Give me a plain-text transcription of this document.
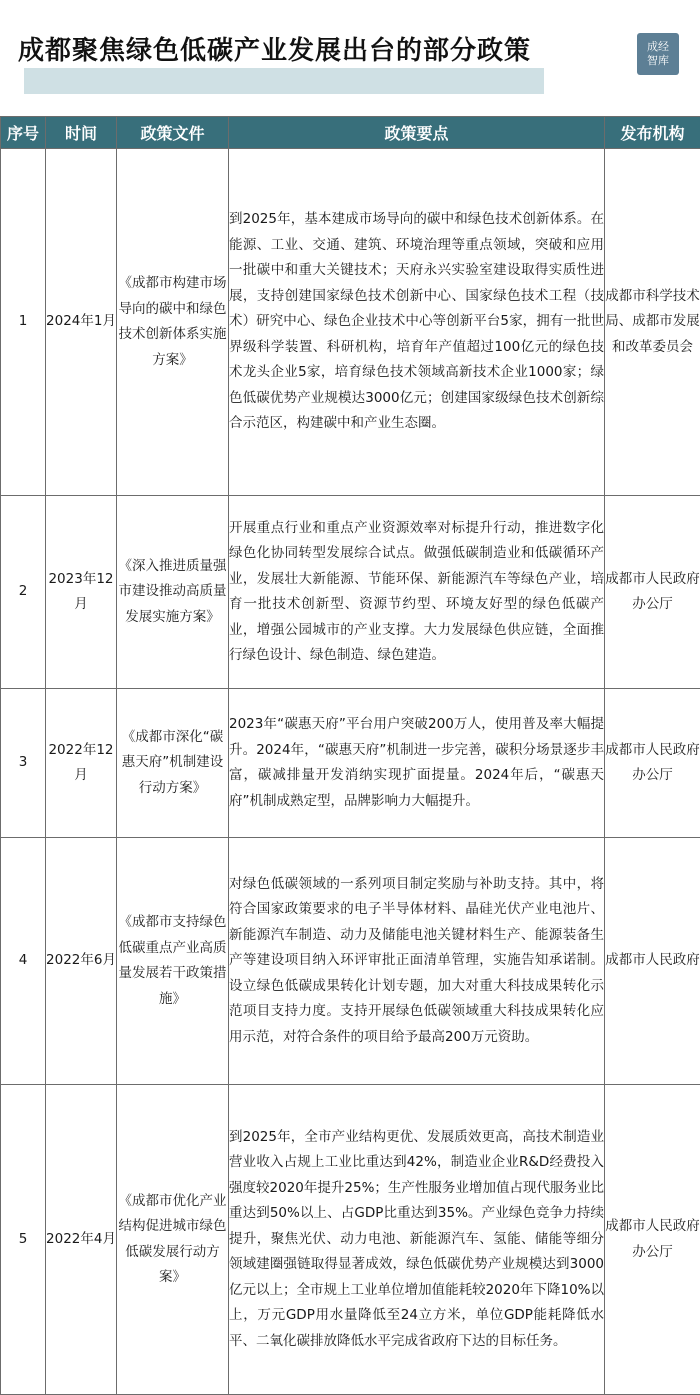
成都聚焦绿色低碳产业发展出台的部分政策	成经
智库
序号	时间	政策文件	政策要点	发布机构
1	2024年1月	《成都市构建市场导向的碳中和绿色技术创新体系实施方案》	到2025年，基本建成市场导向的碳中和绿色技术创新体系。在能源、工业、交通、建筑、环境治理等重点领域，突破和应用一批碳中和重大关键技术；天府永兴实验室建设取得实质性进展，支持创建国家绿色技术创新中心、国家绿色技术工程（技术）研究中心、绿色企业技术中心等创新平台5家，拥有一批世界级科学装置、科研机构，培育年产值超过100亿元的绿色技术龙头企业5家，培育绿色技术领域高新技术企业1000家；绿色低碳优势产业规模达3000亿元；创建国家级绿色技术创新综合示范区，构建碳中和产业生态圈。	成都市科学技术局、成都市发展和改革委员会
2	2023年12月	《深入推进质量强市建设推动高质量发展实施方案》	开展重点行业和重点产业资源效率对标提升行动，推进数字化绿色化协同转型发展综合试点。做强低碳制造业和低碳循环产业，发展壮大新能源、节能环保、新能源汽车等绿色产业，培育一批技术创新型、资源节约型、环境友好型的绿色低碳产业，增强公园城市的产业支撑。大力发展绿色供应链，全面推行绿色设计、绿色制造、绿色建造。	成都市人民政府办公厅
3	2022年12月	《成都市深化“碳惠天府”机制建设行动方案》	2023年“碳惠天府”平台用户突破200万人，使用普及率大幅提升。2024年，“碳惠天府”机制进一步完善，碳积分场景逐步丰富，碳减排量开发消纳实现扩面提量。2024年后，“碳惠天府”机制成熟定型，品牌影响力大幅提升。	成都市人民政府办公厅
4	2022年6月	《成都市支持绿色低碳重点产业高质量发展若干政策措施》	对绿色低碳领域的一系列项目制定奖励与补助支持。其中，将符合国家政策要求的电子半导体材料、晶硅光伏产业电池片、新能源汽车制造、动力及储能电池关键材料生产、能源装备生产等建设项目纳入环评审批正面清单管理，实施告知承诺制。设立绿色低碳成果转化计划专题，加大对重大科技成果转化示范项目支持力度。支持开展绿色低碳领域重大科技成果转化应用示范，对符合条件的项目给予最高200万元资助。	成都市人民政府
5	2022年4月	《成都市优化产业结构促进城市绿色低碳发展行动方案》	到2025年，全市产业结构更优、发展质效更高，高技术制造业营业收入占规上工业比重达到42%，制造业企业R&D经费投入强度较2020年提升25%；生产性服务业增加值占现代服务业比重达到50%以上、占GDP比重达到35%。产业绿色竞争力持续提升，聚焦光伏、动力电池、新能源汽车、氢能、储能等细分领域建圈强链取得显著成效，绿色低碳优势产业规模达到3000亿元以上；全市规上工业单位增加值能耗较2020年下降10%以上，万元GDP用水量降低至24立方米，单位GDP能耗降低水平、二氧化碳排放降低水平完成省政府下达的目标任务。	成都市人民政府办公厅
